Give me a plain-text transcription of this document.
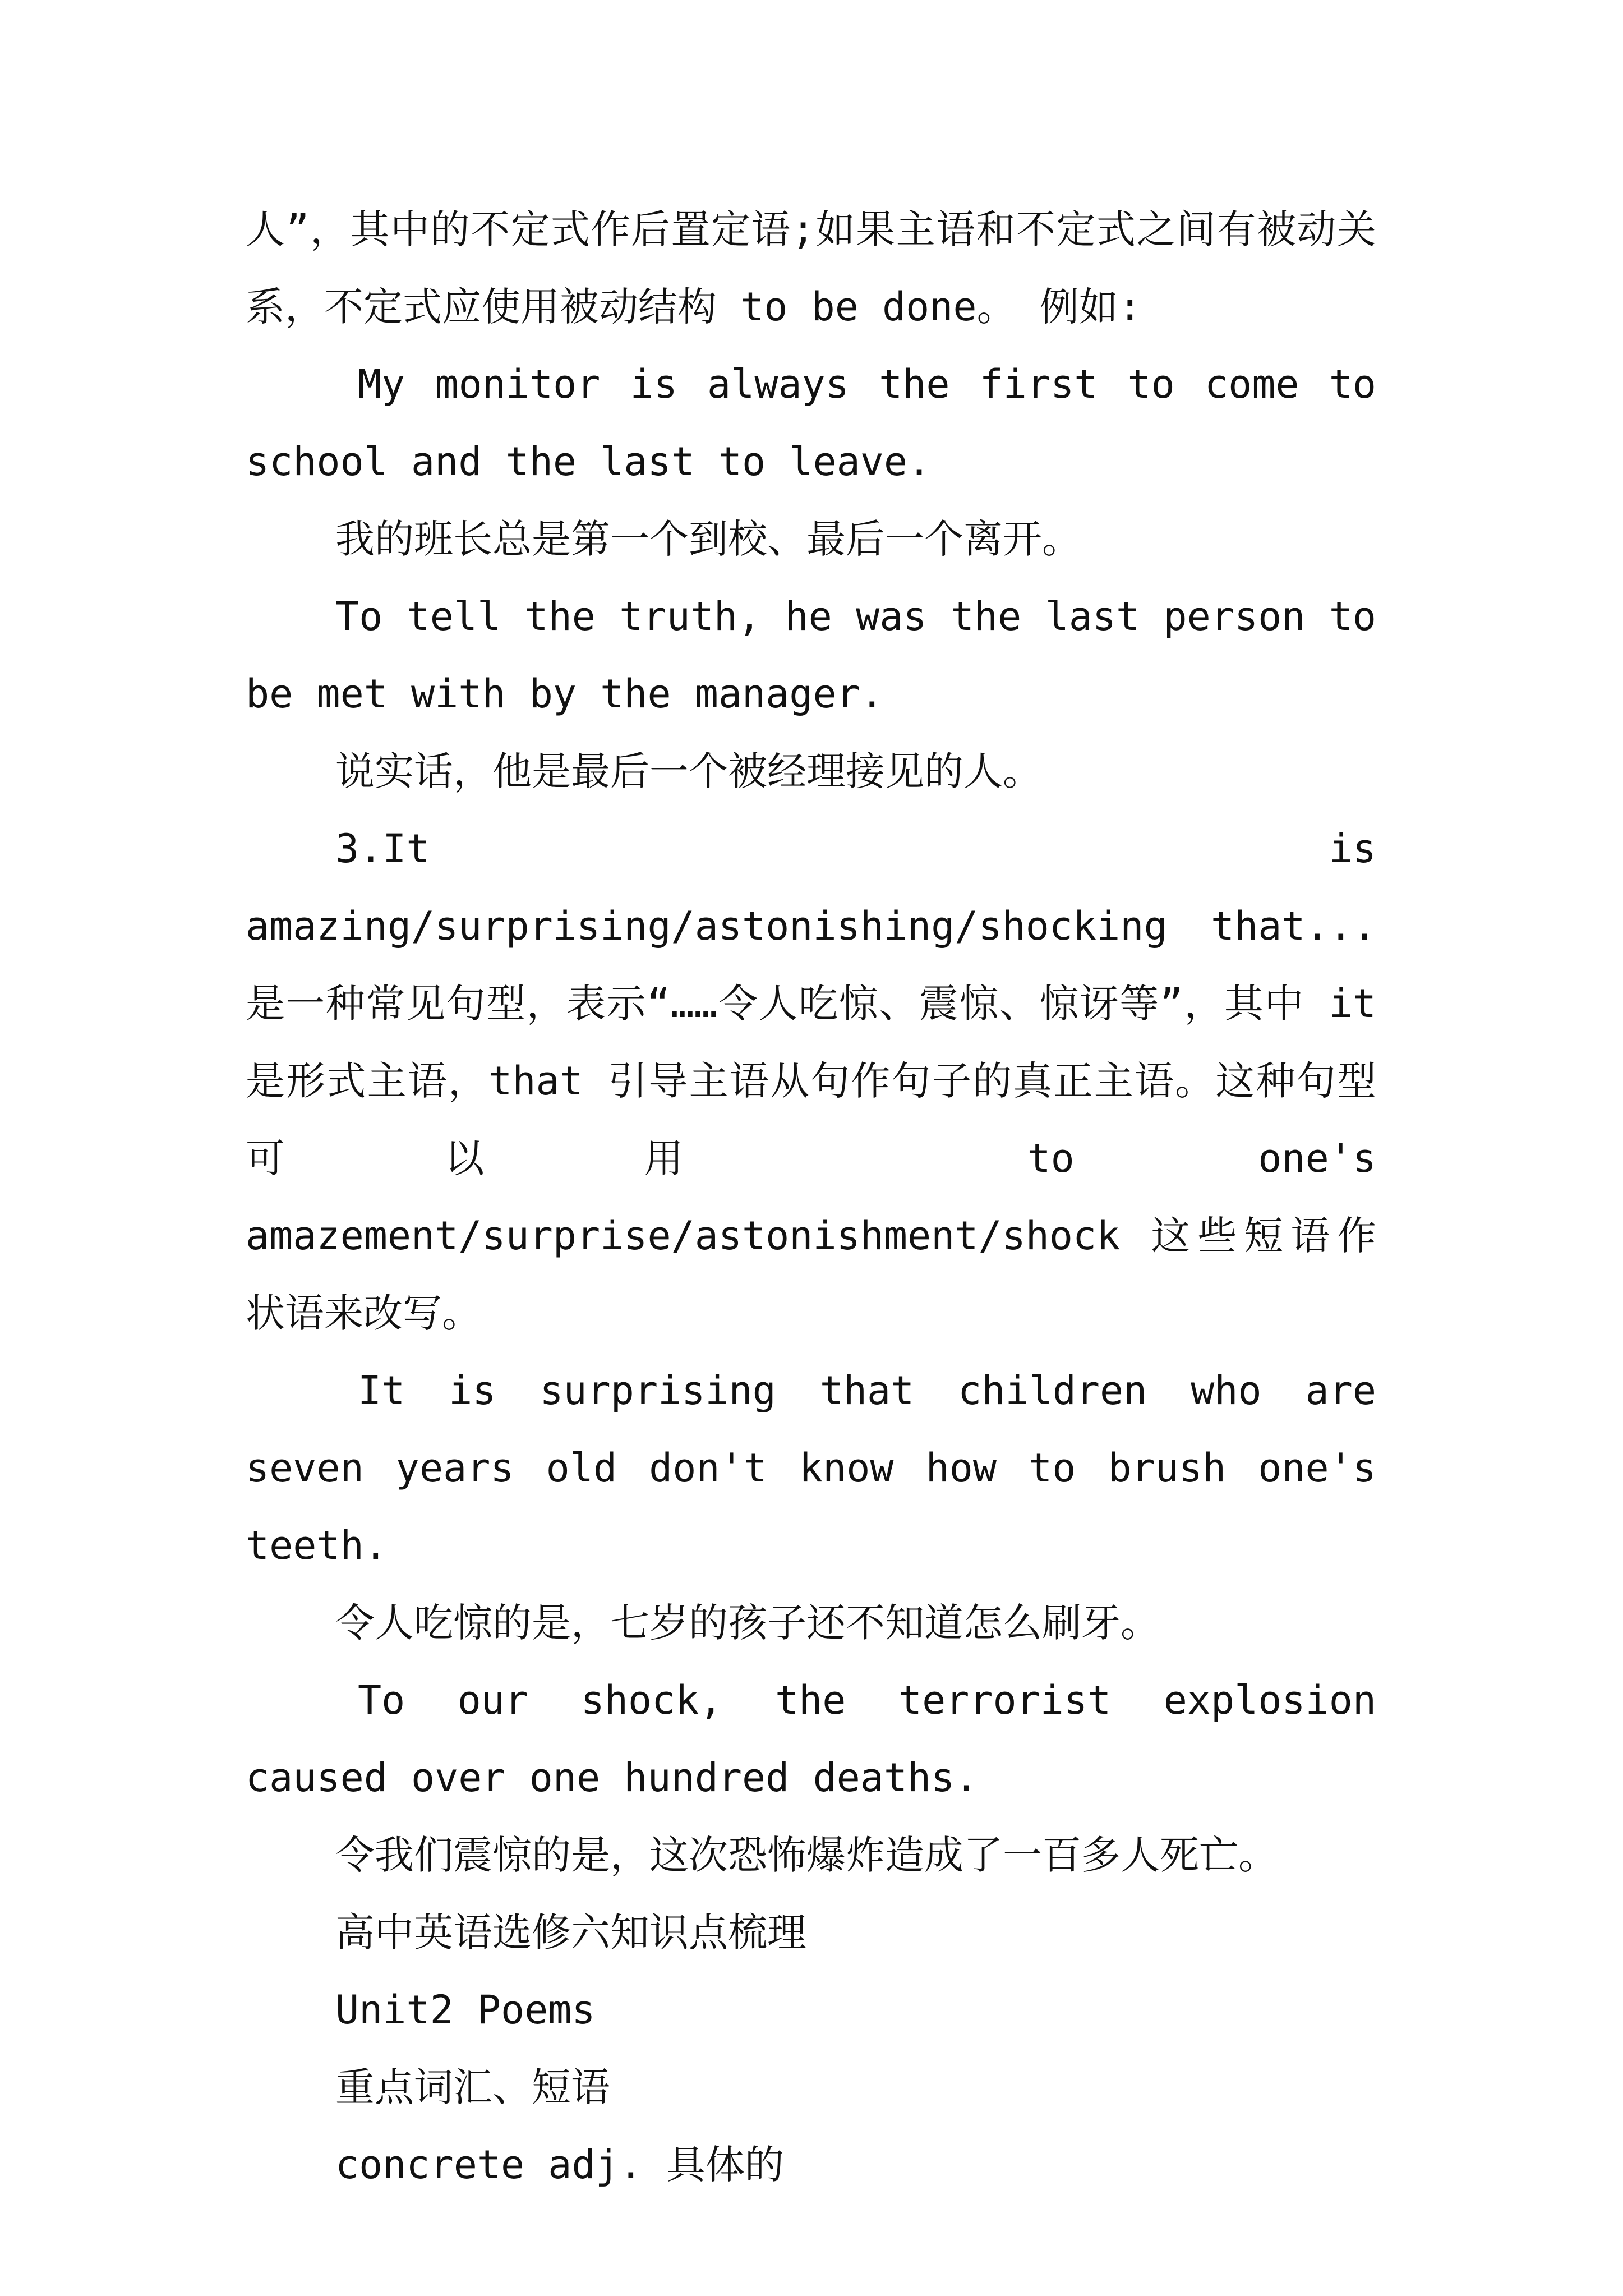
人”，其中的不定式作后置定语;如果主语和不定式之间有被动关系，不定式应使用被动结构 to be done。 例如:

My monitor is always the first to come to school and the last to leave.

我的班长总是第一个到校、最后一个离开。

To tell the truth, he was the last person to be met with by the manager.

说实话，他是最后一个被经理接见的人。

3.It is amazing/surprising/astonishing/shocking that...是一种常见句型，表示“……令人吃惊、震惊、惊讶等”，其中 it 是形式主语，that 引导主语从句作句子的真正主语。这种句型可以用 to one's amazement/surprise/astonishment/shock 这些短语作状语来改写。

It is surprising that children who are seven years old don't know how to brush one's teeth.

令人吃惊的是，七岁的孩子还不知道怎么刷牙。

To our shock, the terrorist explosion caused over one hundred deaths.

令我们震惊的是，这次恐怖爆炸造成了一百多人死亡。

高中英语选修六知识点梳理

Unit2 Poems

重点词汇、短语

concrete adj. 具体的
